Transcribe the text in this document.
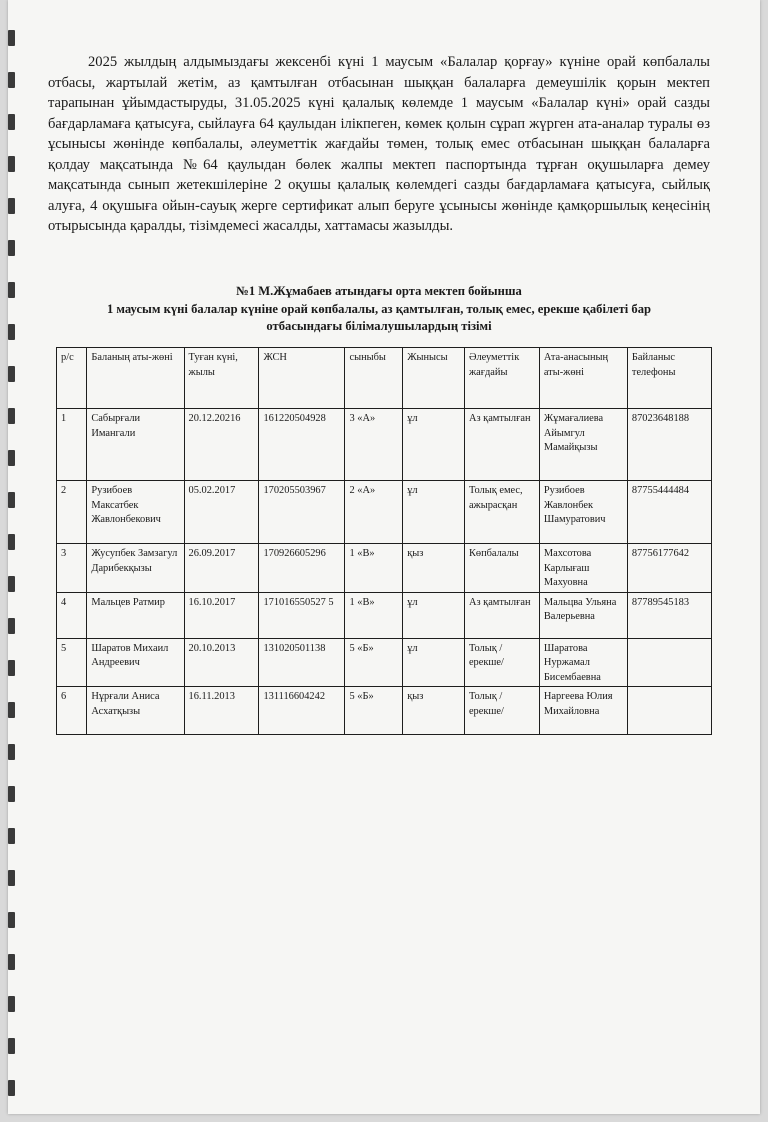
2025 жылдың алдымыздағы жексенбі күні 1 маусым «Балалар қорғау» күніне орай көпбалалы отбасы, жартылай жетім, аз қамтылған отбасынан шыққан балаларға демеушілік қорын мектеп тарапынан ұйымдастыруды, 31.05.2025 күні қалалық көлемде 1 маусым «Балалар күні» орай сазды бағдарламаға қатысуға, сыйлауға 64 қаулыдан ілікпеген, көмек қолын сұрап жүрген ата-аналар туралы өз ұсынысы жөнінде көпбалалы, әлеуметтік жағдайы төмен, толық емес отбасынан шыққан балаларға қолдау мақсатында №64 қаулыдан бөлек жалпы мектеп паспортында тұрған оқушыларға демеу мақсатында сынып жетекшілеріне 2 оқушы қалалық көлемдегі сазды бағдарламаға қатысуға, сыйлық алуға, 4 оқушыға ойын-сауық жерге сертификат алып беруге ұсынысы жөнінде қамқоршылық кеңесінің отырысында қаралды, тізімдемесі жасалды, хаттамасы жазылды.

№1 М.Жұмабаев атындағы орта мектеп бойынша
1 маусым күні балалар күніне орай көпбалалы, аз қамтылған, толық емес, ерекше қабілеті бар
отбасындағы білімалушылардың тізімі
р/с	Баланың аты-жөні	Туған күні, жылы	ЖСН	сыныбы	Жынысы	Әлеуметтік жағдайы	Ата-анасының аты-жөні	Байланыс телефоны
1	Сабырғали Имангали	20.12.20216	161220504928	3 «А»	ұл	Аз қамтылған	Жұмағалиева Айымгул Мамайқызы	87023648188
2	Рузибоев Максатбек Жавлонбекович	05.02.2017	170205503967	2 «А»	ұл	Толық емес, ажырасқан	Рузибоев Жавлонбек Шамуратович	87755444484
3	Жусупбек Замзагул Дарибекқызы	26.09.2017	170926605296	1 «В»	қыз	Көпбалалы	Махсотова Карлығаш Махуовна	87756177642
4	Мальцев Ратмир	16.10.2017	171016550527 5	1 «В»	ұл	Аз қамтылған	Мальцва Ульяна Валерьевна	87789545183
5	Шаратов Михаил Андреевич	20.10.2013	131020501138	5 «Б»	ұл	Толық /ерекше/	Шаратова Нуржамал Бисембаевна	
6	Нұрғали Аниса Асхатқызы	16.11.2013	131116604242	5 «Б»	қыз	Толық /ерекше/	Наргеева Юлия Михайловна	
